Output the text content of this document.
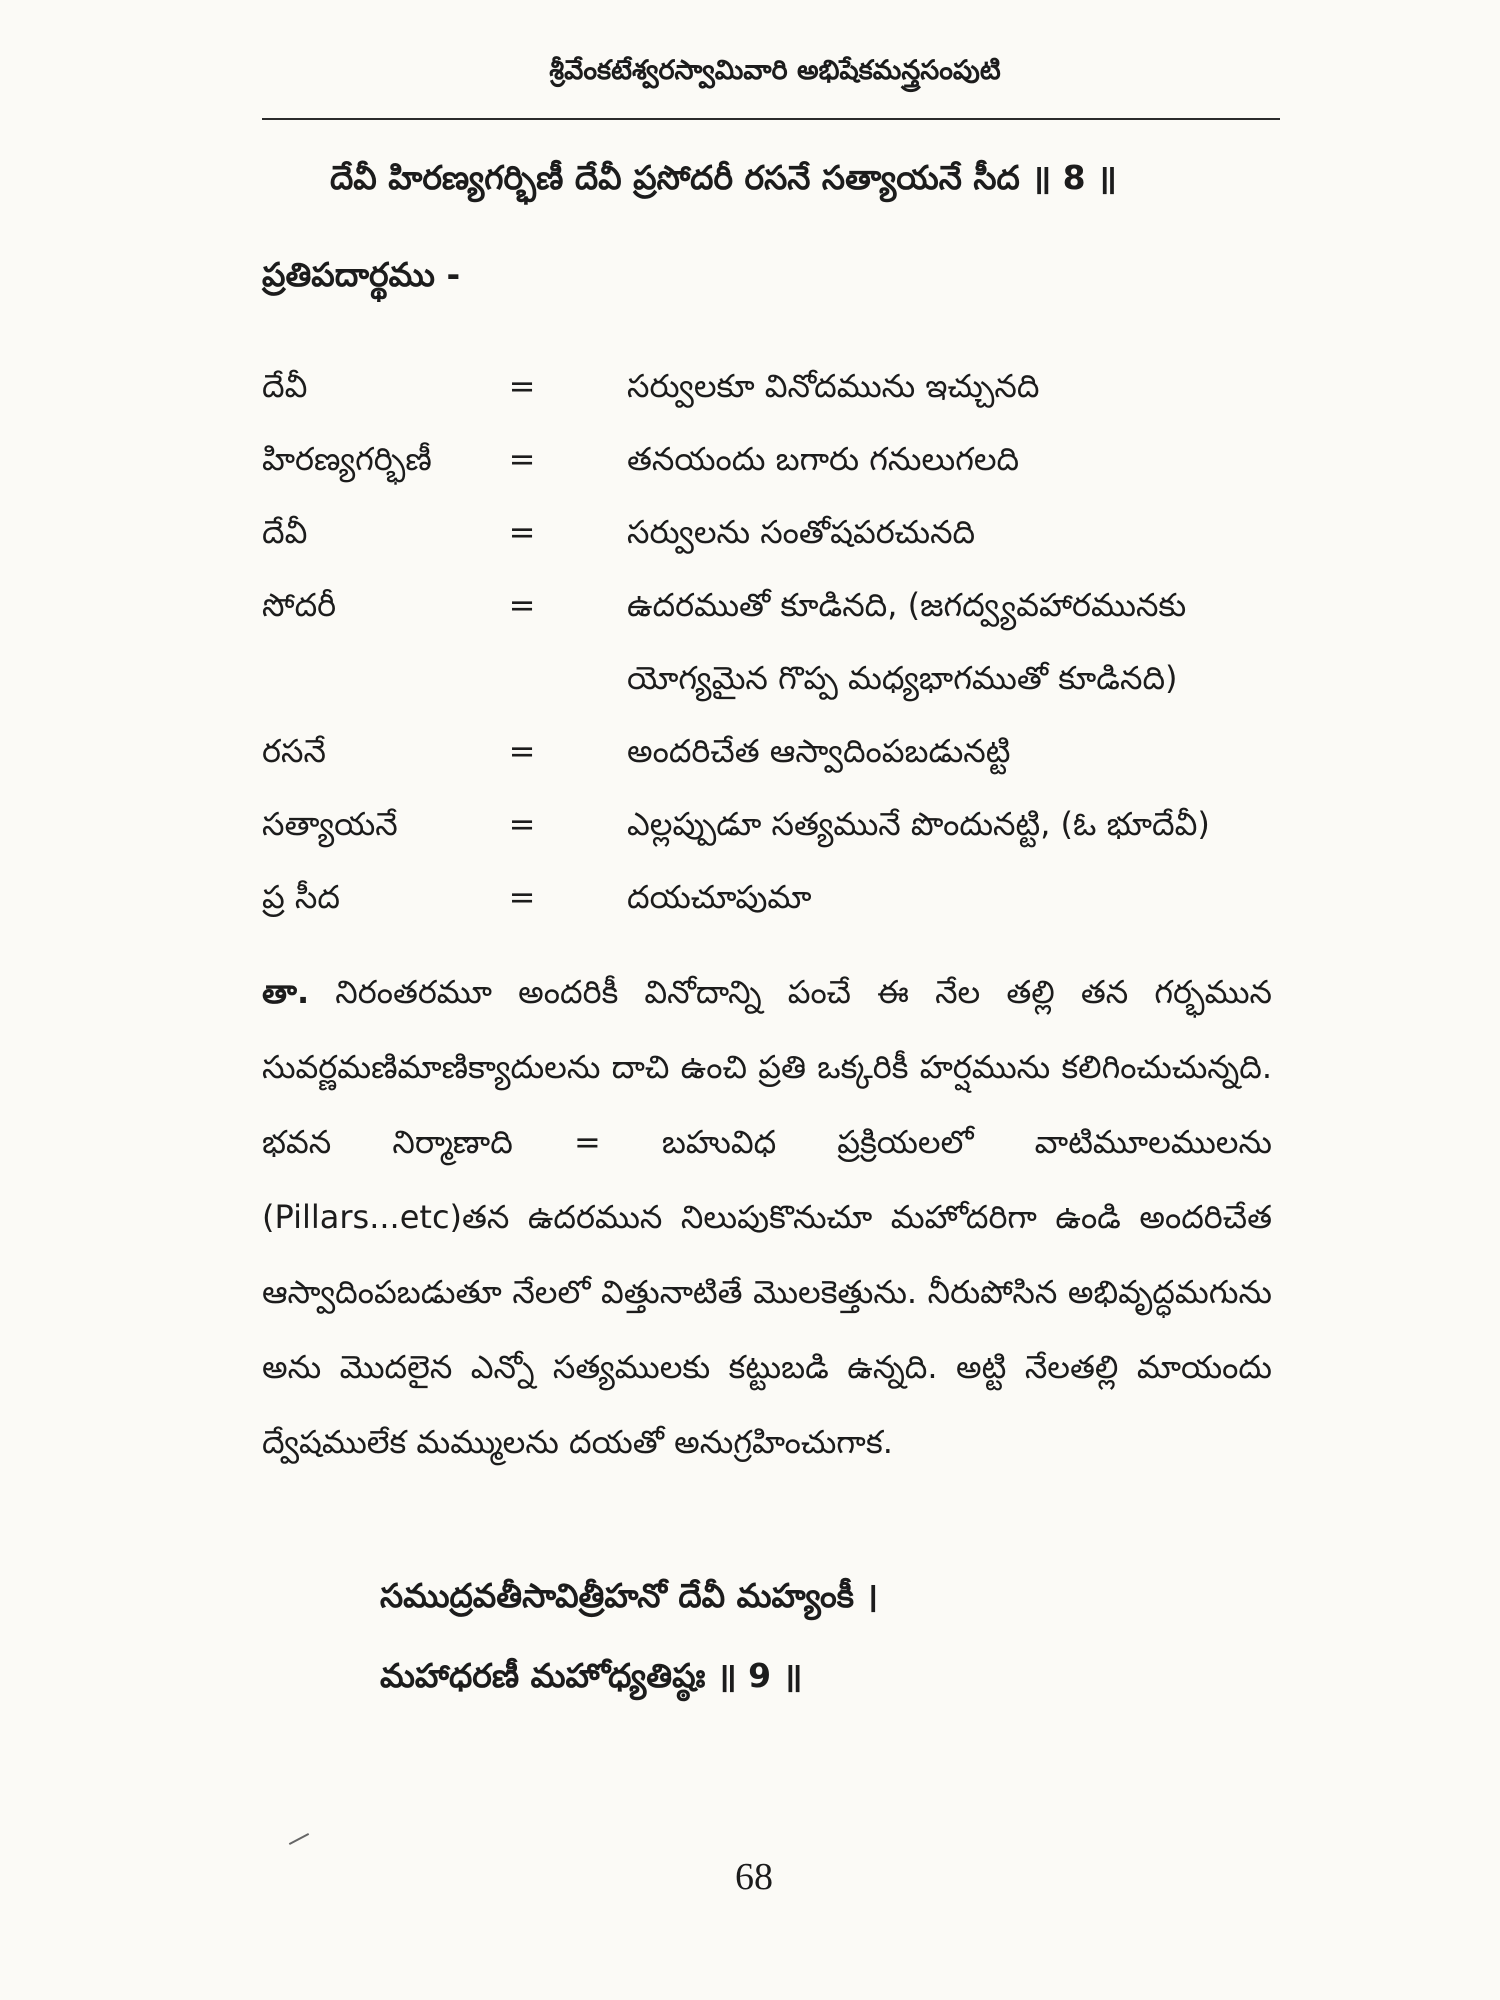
శ్రీవేంకటేశ్వరస్వామివారి అభిషేకమన్త్రసంపుటి
దేవీ హిరణ్యగర్భిణీ దేవీ ప్రసోదరీ రసనే సత్యాయనే సీద ॥ 8 ॥
ప్రతిపదార్థము -
దేవీ	=	సర్వులకూ వినోదమును ఇచ్చునది
హిరణ్యగర్భిణీ	=	తనయందు బగారు గనులుగలది
దేవీ	=	సర్వులను సంతోషపరచునది
సోదరీ	=	ఉదరముతో కూడినది, (జగద్వ్యవహారమునకు
యోగ్యమైన గొప్ప మధ్యభాగముతో కూడినది)
రసనే	=	అందరిచేత ఆస్వాదింపబడునట్టి
సత్యాయనే	=	ఎల్లప్పుడూ సత్యమునే పొందునట్టి, (ఓ భూదేవీ)
ప్ర సీద	=	దయచూపుమా
తా. నిరంతరమూ అందరికీ వినోదాన్ని పంచే ఈ నేల తల్లి తన గర్భమున సువర్ణమణిమాణిక్యాదులను దాచి ఉంచి ప్రతి ఒక్కరికీ హర్షమును కలిగించుచున్నది. భవన నిర్మాణాది = బహువిధ ప్రక్రియలలో వాటిమూలములను (Pillars...etc)తన ఉదరమున నిలుపుకొనుచూ మహోదరిగా ఉండి అందరిచేత ఆస్వాదింపబడుతూ నేలలో విత్తునాటితే మొలకెత్తును. నీరుపోసిన అభివృద్ధమగును అను మొదలైన ఎన్నో సత్యములకు కట్టుబడి ఉన్నది. అట్టి నేలతల్లి మాయందు ద్వేషములేక మమ్ములను దయతో అనుగ్రహించుగాక.
సముద్రవతీసావిత్రీహనో దేవీ మహ్యంకీ ।
మహాధరణీ మహోధ్యతిష్ఠః ॥ 9 ॥
68
